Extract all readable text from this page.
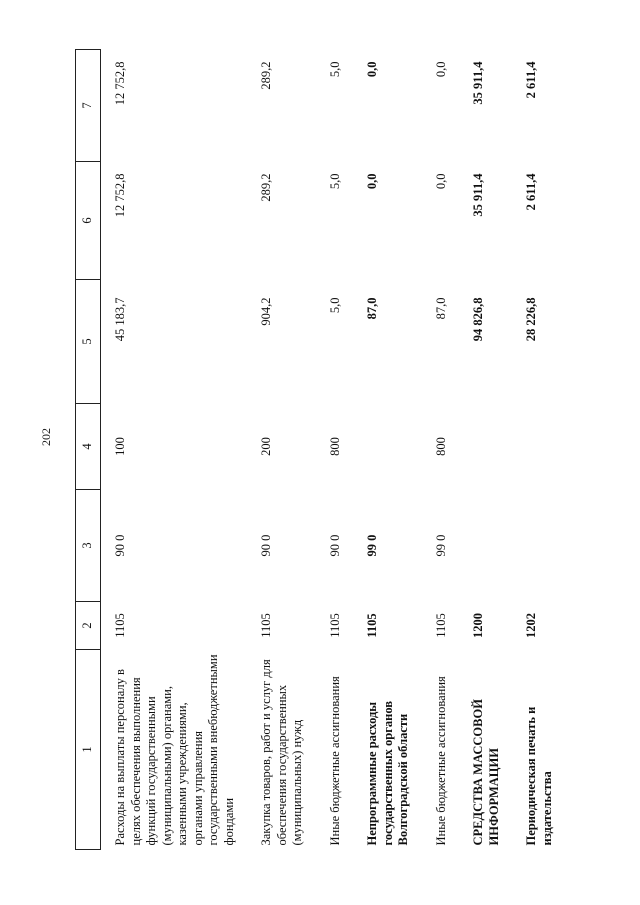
202
1	2	3	4	5	6	7
Расходы на выплаты персоналу в целях обеспечения выполнения функций государственными (муниципальными) органами, казенными учреждениями, органами управления государственными внебюджетными фондами	1105	90 0	100	45 183,7	12 752,8	12 752,8
Закупка товаров, работ и услуг для обеспечения государственных (муниципальных) нужд	1105	90 0	200	904,2	289,2	289,2
Иные бюджетные ассигнования	1105	90 0	800	5,0	5,0	5,0
Непрограммные расходы государственных органов Волгоградской области	1105	99 0		87,0	0,0	0,0
Иные бюджетные ассигнования	1105	99 0	800	87,0	0,0	0,0
СРЕДСТВА МАССОВОЙ ИНФОРМАЦИИ	1200			94 826,8	35 911,4	35 911,4
Периодическая печать и издательства	1202			28 226,8	2 611,4	2 611,4
